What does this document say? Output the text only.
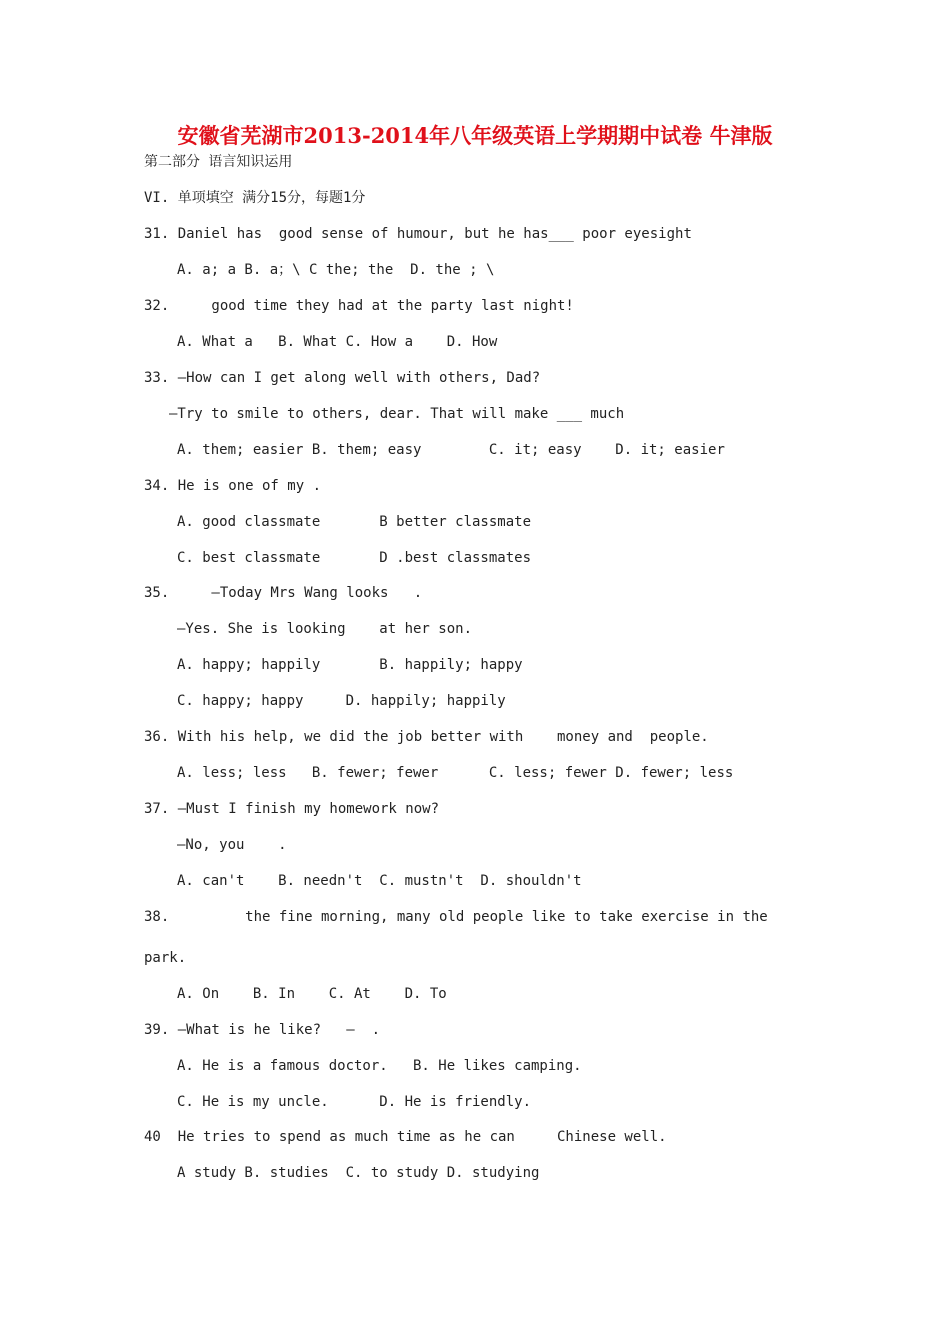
安徽省芜湖市2013-2014年八年级英语上学期期中试卷 牛津版
第二部分 语言知识运用
VI. 单项填空 满分15分，每题1分
31. Daniel has  good sense of humour, but he has___ poor eyesight
A. a; a B. a；\ C the; the  D. the ; \
32.     good time they had at the party last night!
A. What a   B. What C. How a    D. How
33. —How can I get along well with others, Dad?
—Try to smile to others, dear. That will make ___ much
A. them; easier B. them; easy        C. it; easy    D. it; easier
34. He is one of my .
A. good classmate       B better classmate
C. best classmate       D .best classmates
35.     —Today Mrs Wang looks   .
—Yes. She is looking    at her son.
A. happy; happily       B. happily; happy
C. happy; happy     D. happily; happily
36. With his help, we did the job better with    money and  people.
A. less; less   B. fewer; fewer      C. less; fewer D. fewer; less
37. —Must I finish my homework now?
—No, you    .
A. can't    B. needn't  C. mustn't  D. shouldn't
38.         the fine morning, many old people like to take exercise in the
park.
A. On    B. In    C. At    D. To
39. —What is he like?   —  .
A. He is a famous doctor.   B. He likes camping.
C. He is my uncle.      D. He is friendly.
40  He tries to spend as much time as he can     Chinese well.
A study B. studies  C. to study D. studying
